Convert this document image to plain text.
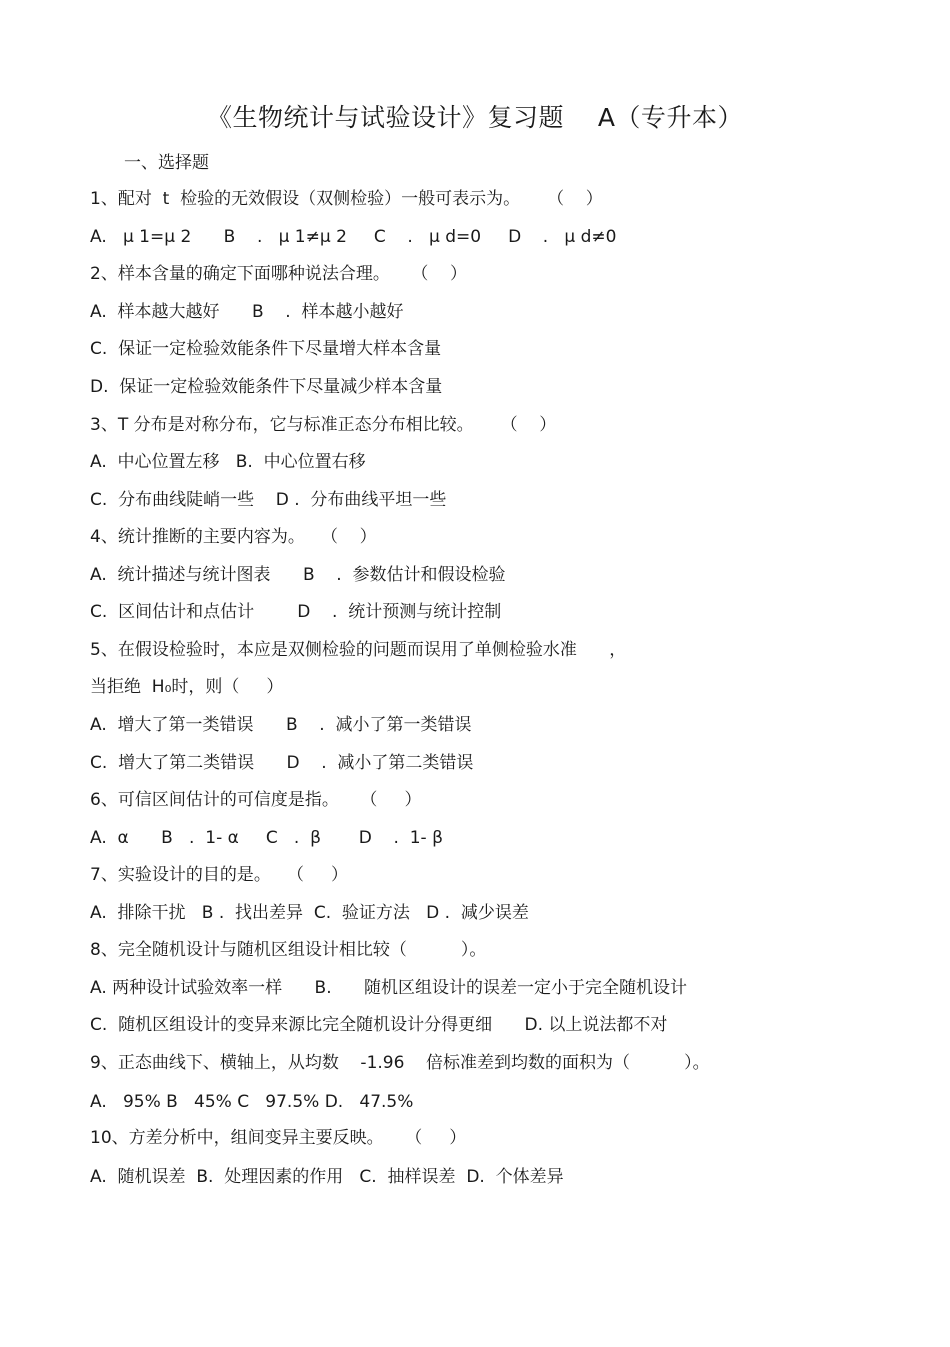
《生物统计与试验设计》复习题    A（专升本）
一、选择题
1、配对  t  检验的无效假设（双侧检验）一般可表示为。     （    ）
A.   μ 1=μ 2      B    .   μ 1≠μ 2     C    .   μ d=0     D    .   μ d≠0
2、样本含量的确定下面哪种说法合理。    （    ）
A.  样本越大越好      B    .  样本越小越好
C.  保证一定检验效能条件下尽量增大样本含量
D.  保证一定检验效能条件下尽量减少样本含量
3、T 分布是对称分布，它与标准正态分布相比较。     （    ）
A.  中心位置左移   B.  中心位置右移
C.  分布曲线陡峭一些    D .  分布曲线平坦一些
4、统计推断的主要内容为。   （    ）
A.  统计描述与统计图表      B    .  参数估计和假设检验
C.  区间估计和点估计        D    .  统计预测与统计控制
5、在假设检验时，本应是双侧检验的问题而误用了单侧检验水准      ，
当拒绝  H₀时，则（     ）
A.  增大了第一类错误      B    .  减小了第一类错误
C.  增大了第二类错误      D    .  减小了第二类错误
6、可信区间估计的可信度是指。    （     ）
A.  α      B   .  1- α     C   .  β       D    .  1- β
7、实验设计的目的是。   （     ）
A.  排除干扰   B .  找出差异  C.  验证方法   D .  减少误差
8、完全随机设计与随机区组设计相比较（          ）。
A. 两种设计试验效率一样      B.      随机区组设计的误差一定小于完全随机设计
C.  随机区组设计的变异来源比完全随机设计分得更细      D. 以上说法都不对
9、正态曲线下、横轴上，从均数    -1.96    倍标准差到均数的面积为（          ）。
A.   95% B   45% C   97.5% D.   47.5%
10、方差分析中，组间变异主要反映。    （     ）
A.  随机误差  B.  处理因素的作用   C.  抽样误差  D.  个体差异
